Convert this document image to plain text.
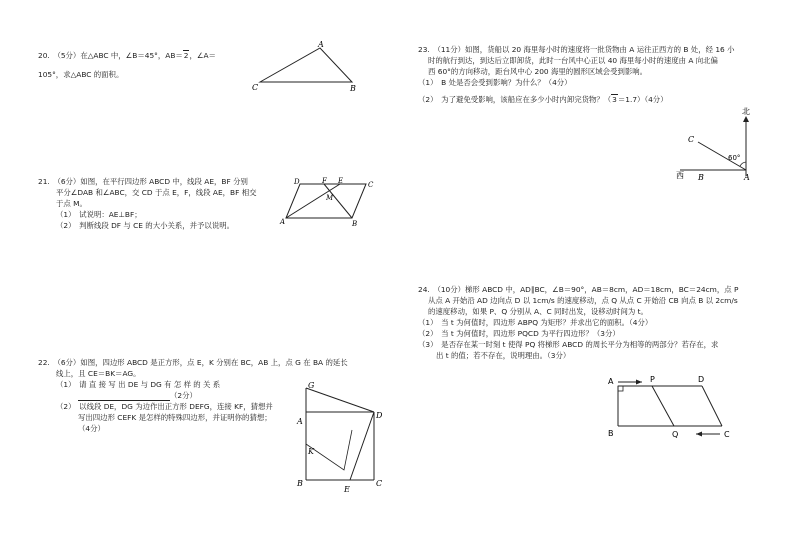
20.　（5分）在△ABC 中，∠B＝45°，AB＝2，∠A＝
105°，求△ABC 的面积。
A
C	B
21.　（6分）如图，在平行四边形 ABCD 中，线段 AE，BF 分别
平分∠DAB 和∠ABC，交 CD 于点 E，F，线段 AE，BF 相交
于点 M。
（1）　试说明：AE⊥BF；
（2）　判断线段 DF 与 CE 的大小关系，并予以说明。
D	F E	C
M
A	B
22.　（6分）如图，四边形 ABCD 是正方形，点 E，K 分别在 BC，AB 上，点 G 在 BA 的延长
线上，且 CE＝BK＝AG。
（1）　请 直 接 写 出 DE 与 DG 有 怎 样 的 关 系
（2分）
（2）　以线段 DE，DG 为边作出正方形 DEFG，连接 KF，猜想并
写出四边形 CEFK 是怎样的特殊四边形，并证明你的猜想；
（4分）
G
A
D
K
B
E
C
23.　（11分）如图，货船以 20 海里每小时的速度将一批货物由 A 运往正西方的 B 处，经 16 小
时的航行到达，到达后立即卸货，此时一台风中心正以 40 海里每小时的速度由 A 向北偏
西 60°的方向移动，距台风中心 200 海里的圆形区域会受到影响。
（1）　B 处是否会受到影响？为什么？（4分）
（2）　为了避免受影响，该船应在多少小时内卸完货物？（3＝1.7）（4分）
北
C
60°
西 B	A
24.　（10分）梯形 ABCD 中，AD∥BC，∠B＝90°，AB＝8cm，AD＝18cm，BC＝24cm，点 P
从点 A 开始沿 AD 边向点 D 以 1cm/s 的速度移动，点 Q 从点 C 开始沿 CB 向点 B 以 2cm/s
的速度移动，如果 P、Q 分别从 A、C 同时出发，设移动时间为 t。
（1）　当 t 为何值时，四边形 ABPQ 为矩形？并求出它的面积。（4分）
（2）　当 t 为何值时，四边形 PQCD 为平行四边形？（3分）
（3）　是否存在某一时刻 t 使得 PQ 将梯形 ABCD 的周长平分为相等的两部分？若存在，求
出 t 的值；若不存在，说明理由。（3分）
A	P	D
B	Q	C
